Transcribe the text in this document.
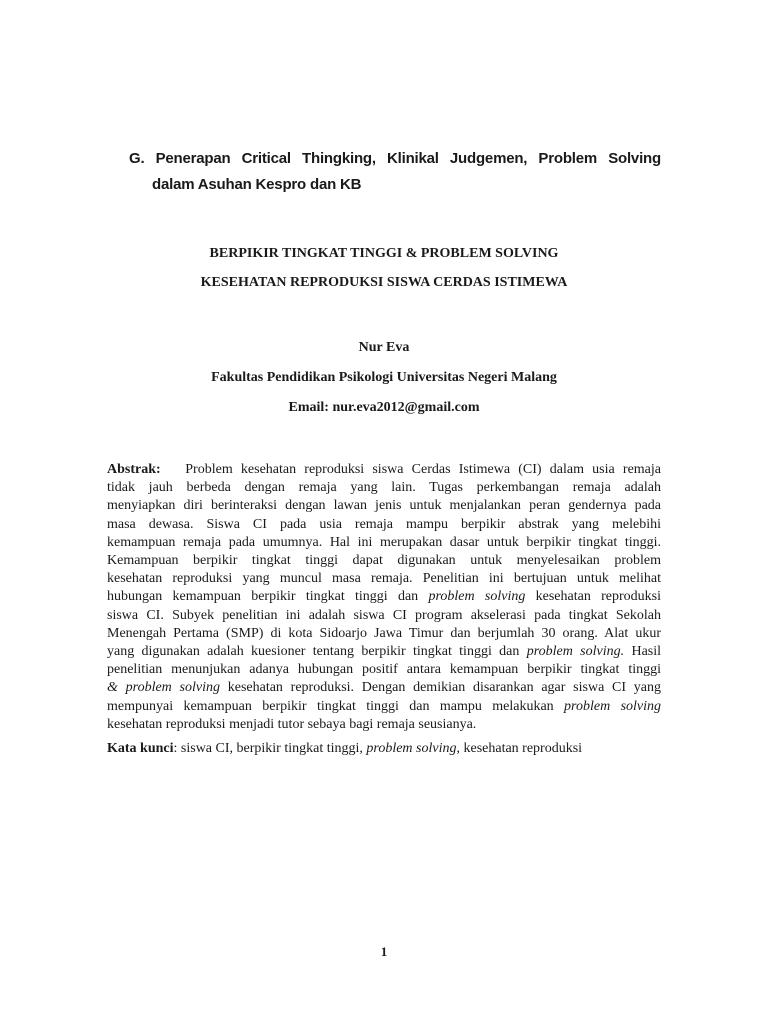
G. Penerapan Critical Thingking, Klinikal Judgemen, Problem Solving
dalam Asuhan Kespro dan KB
BERPIKIR TINGKAT TINGGI & PROBLEM SOLVING
KESEHATAN REPRODUKSI SISWA CERDAS ISTIMEWA
Nur Eva
Fakultas Pendidikan Psikologi Universitas Negeri Malang
Email: nur.eva2012@gmail.com
Abstrak: Problem kesehatan reproduksi siswa Cerdas Istimewa (CI) dalam usia remaja
tidak jauh berbeda dengan remaja yang lain. Tugas perkembangan remaja adalah
menyiapkan diri berinteraksi dengan lawan jenis untuk menjalankan peran gendernya pada
masa dewasa. Siswa CI pada usia remaja mampu berpikir abstrak yang melebihi
kemampuan remaja pada umumnya. Hal ini merupakan dasar untuk berpikir tingkat tinggi.
Kemampuan berpikir tingkat tinggi dapat digunakan untuk menyelesaikan problem
kesehatan reproduksi yang muncul masa remaja. Penelitian ini bertujuan untuk melihat
hubungan kemampuan berpikir tingkat tinggi dan problem solving kesehatan reproduksi
siswa CI. Subyek penelitian ini adalah siswa CI program akselerasi pada tingkat Sekolah
Menengah Pertama (SMP) di kota Sidoarjo Jawa Timur dan berjumlah 30 orang. Alat ukur
yang digunakan adalah kuesioner tentang berpikir tingkat tinggi dan problem solving. Hasil
penelitian menunjukan adanya hubungan positif antara kemampuan berpikir tingkat tinggi
& problem solving kesehatan reproduksi. Dengan demikian disarankan agar siswa CI yang
mempunyai kemampuan berpikir tingkat tinggi dan mampu melakukan problem solving
kesehatan reproduksi menjadi tutor sebaya bagi remaja seusianya.
Kata kunci: siswa CI, berpikir tingkat tinggi, problem solving, kesehatan reproduksi
1
